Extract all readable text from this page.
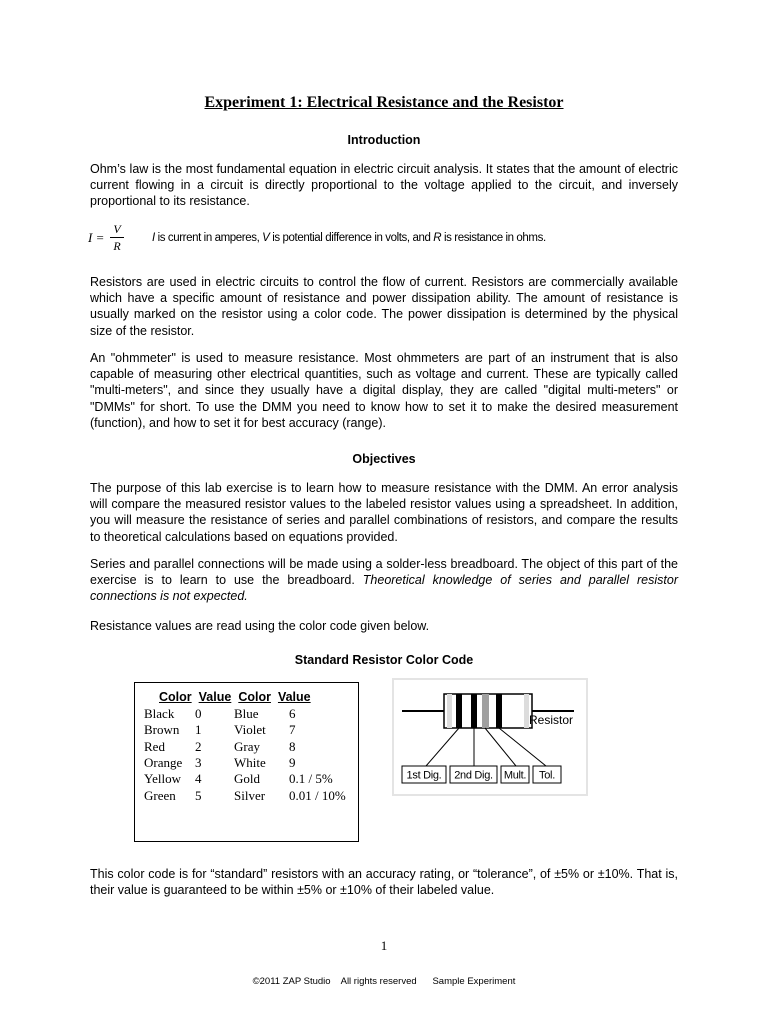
Experiment 1: Electrical Resistance and the Resistor
Introduction

Ohm’s law is the most fundamental equation in electric circuit analysis. It states that the amount of electric current flowing in a circuit is directly proportional to the voltage applied to the circuit, and inversely proportional to its resistance.

I =
V
R
I is current in amperes, V is potential difference in volts, and R is resistance in ohms.

Resistors are used in electric circuits to control the flow of current. Resistors are commercially available which have a specific amount of resistance and power dissipation ability. The amount of resistance is usually marked on the resistor using a color code. The power dissipation is determined by the physical size of the resistor.

An "ohmmeter" is used to measure resistance. Most ohmmeters are part of an instrument that is also capable of measuring other electrical quantities, such as voltage and current. These are typically called "multi-meters", and since they usually have a digital display, they are called "digital multi-meters" or "DMMs" for short. To use the DMM you need to know how to set it to make the desired measurement (function), and how to set it for best accuracy (range).

Objectives

The purpose of this lab exercise is to learn how to measure resistance with the DMM. An error analysis will compare the measured resistor values to the labeled resistor values using a spreadsheet. In addition, you will measure the resistance of series and parallel combinations of resistors, and compare the results to theoretical calculations based on equations provided.

Series and parallel connections will be made using a solder-less breadboard. The object of this part of the exercise is to learn to use the breadboard. Theoretical knowledge of series and parallel resistor connections is not expected.

Resistance values are read using the color code given below.

Standard Resistor Color Code
Color Value Color Value
Black 0	Blue 6
Brown 1	Violet 7
Red 2	Gray 8
Orange 3	White 9
Yellow 4	Gold 0.1 / 5%
Green 5	Silver 0.01 / 10%
Resistor
1st Dig. 2nd Dig. Mult. Tol.

This color code is for “standard” resistors with an accuracy rating, or “tolerance”, of ±5% or ±10%. That is, their value is guaranteed to be within ±5% or ±10% of their labeled value.

1
©2011 ZAP Studio    All rights reserved      Sample Experiment
